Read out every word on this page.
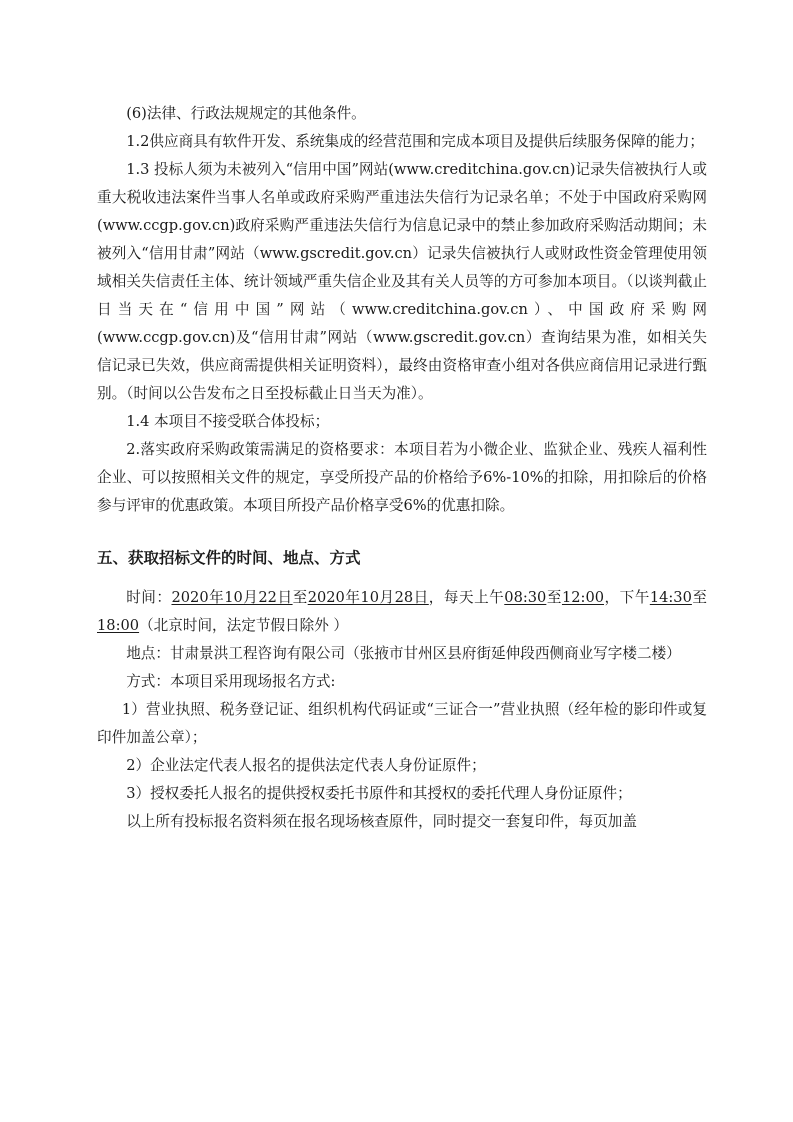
(6)法律、行政法规规定的其他条件。

1.2供应商具有软件开发、系统集成的经营范围和完成本项目及提供后续服务保障的能力；

1.3 投标人须为未被列入“信用中国”网站(www.creditchina.gov.cn)记录失信被执行人或重大税收违法案件当事人名单或政府采购严重违法失信行为记录名单；不处于中国政府采购网(www.ccgp.gov.cn)政府采购严重违法失信行为信息记录中的禁止参加政府采购活动期间；未被列入“信用甘肃”网站（www.gscredit.gov.cn）记录失信被执行人或财政性资金管理使用领域相关失信责任主体、统计领域严重失信企业及其有关人员等的方可参加本项目。（以谈判截止日当天在“信用中国”网站（www.creditchina.gov.cn）、中国政府采购网(www.ccgp.gov.cn)及“信用甘肃”网站（www.gscredit.gov.cn）查询结果为准，如相关失信记录已失效，供应商需提供相关证明资料），最终由资格审查小组对各供应商信用记录进行甄别。（时间以公告发布之日至投标截止日当天为准）。

1.4 本项目不接受联合体投标；

2.落实政府采购政策需满足的资格要求：本项目若为小微企业、监狱企业、残疾人福利性企业、可以按照相关文件的规定，享受所投产品的价格给予6%-10%的扣除，用扣除后的价格参与评审的优惠政策。本项目所投产品价格享受6%的优惠扣除。

五、获取招标文件的时间、地点、方式

时间：2020年10月22日至2020年10月28日，每天上午08:30至12:00，下午14:30至18:00（北京时间，法定节假日除外 ）

地点：甘肃景洪工程咨询有限公司（张掖市甘州区县府街延伸段西侧商业写字楼二楼）

方式：本项目采用现场报名方式:

1）营业执照、税务登记证、组织机构代码证或“三证合一”营业执照（经年检的影印件或复印件加盖公章）；

2）企业法定代表人报名的提供法定代表人身份证原件；

3）授权委托人报名的提供授权委托书原件和其授权的委托代理人身份证原件；

以上所有投标报名资料须在报名现场核查原件，同时提交一套复印件，每页加盖
